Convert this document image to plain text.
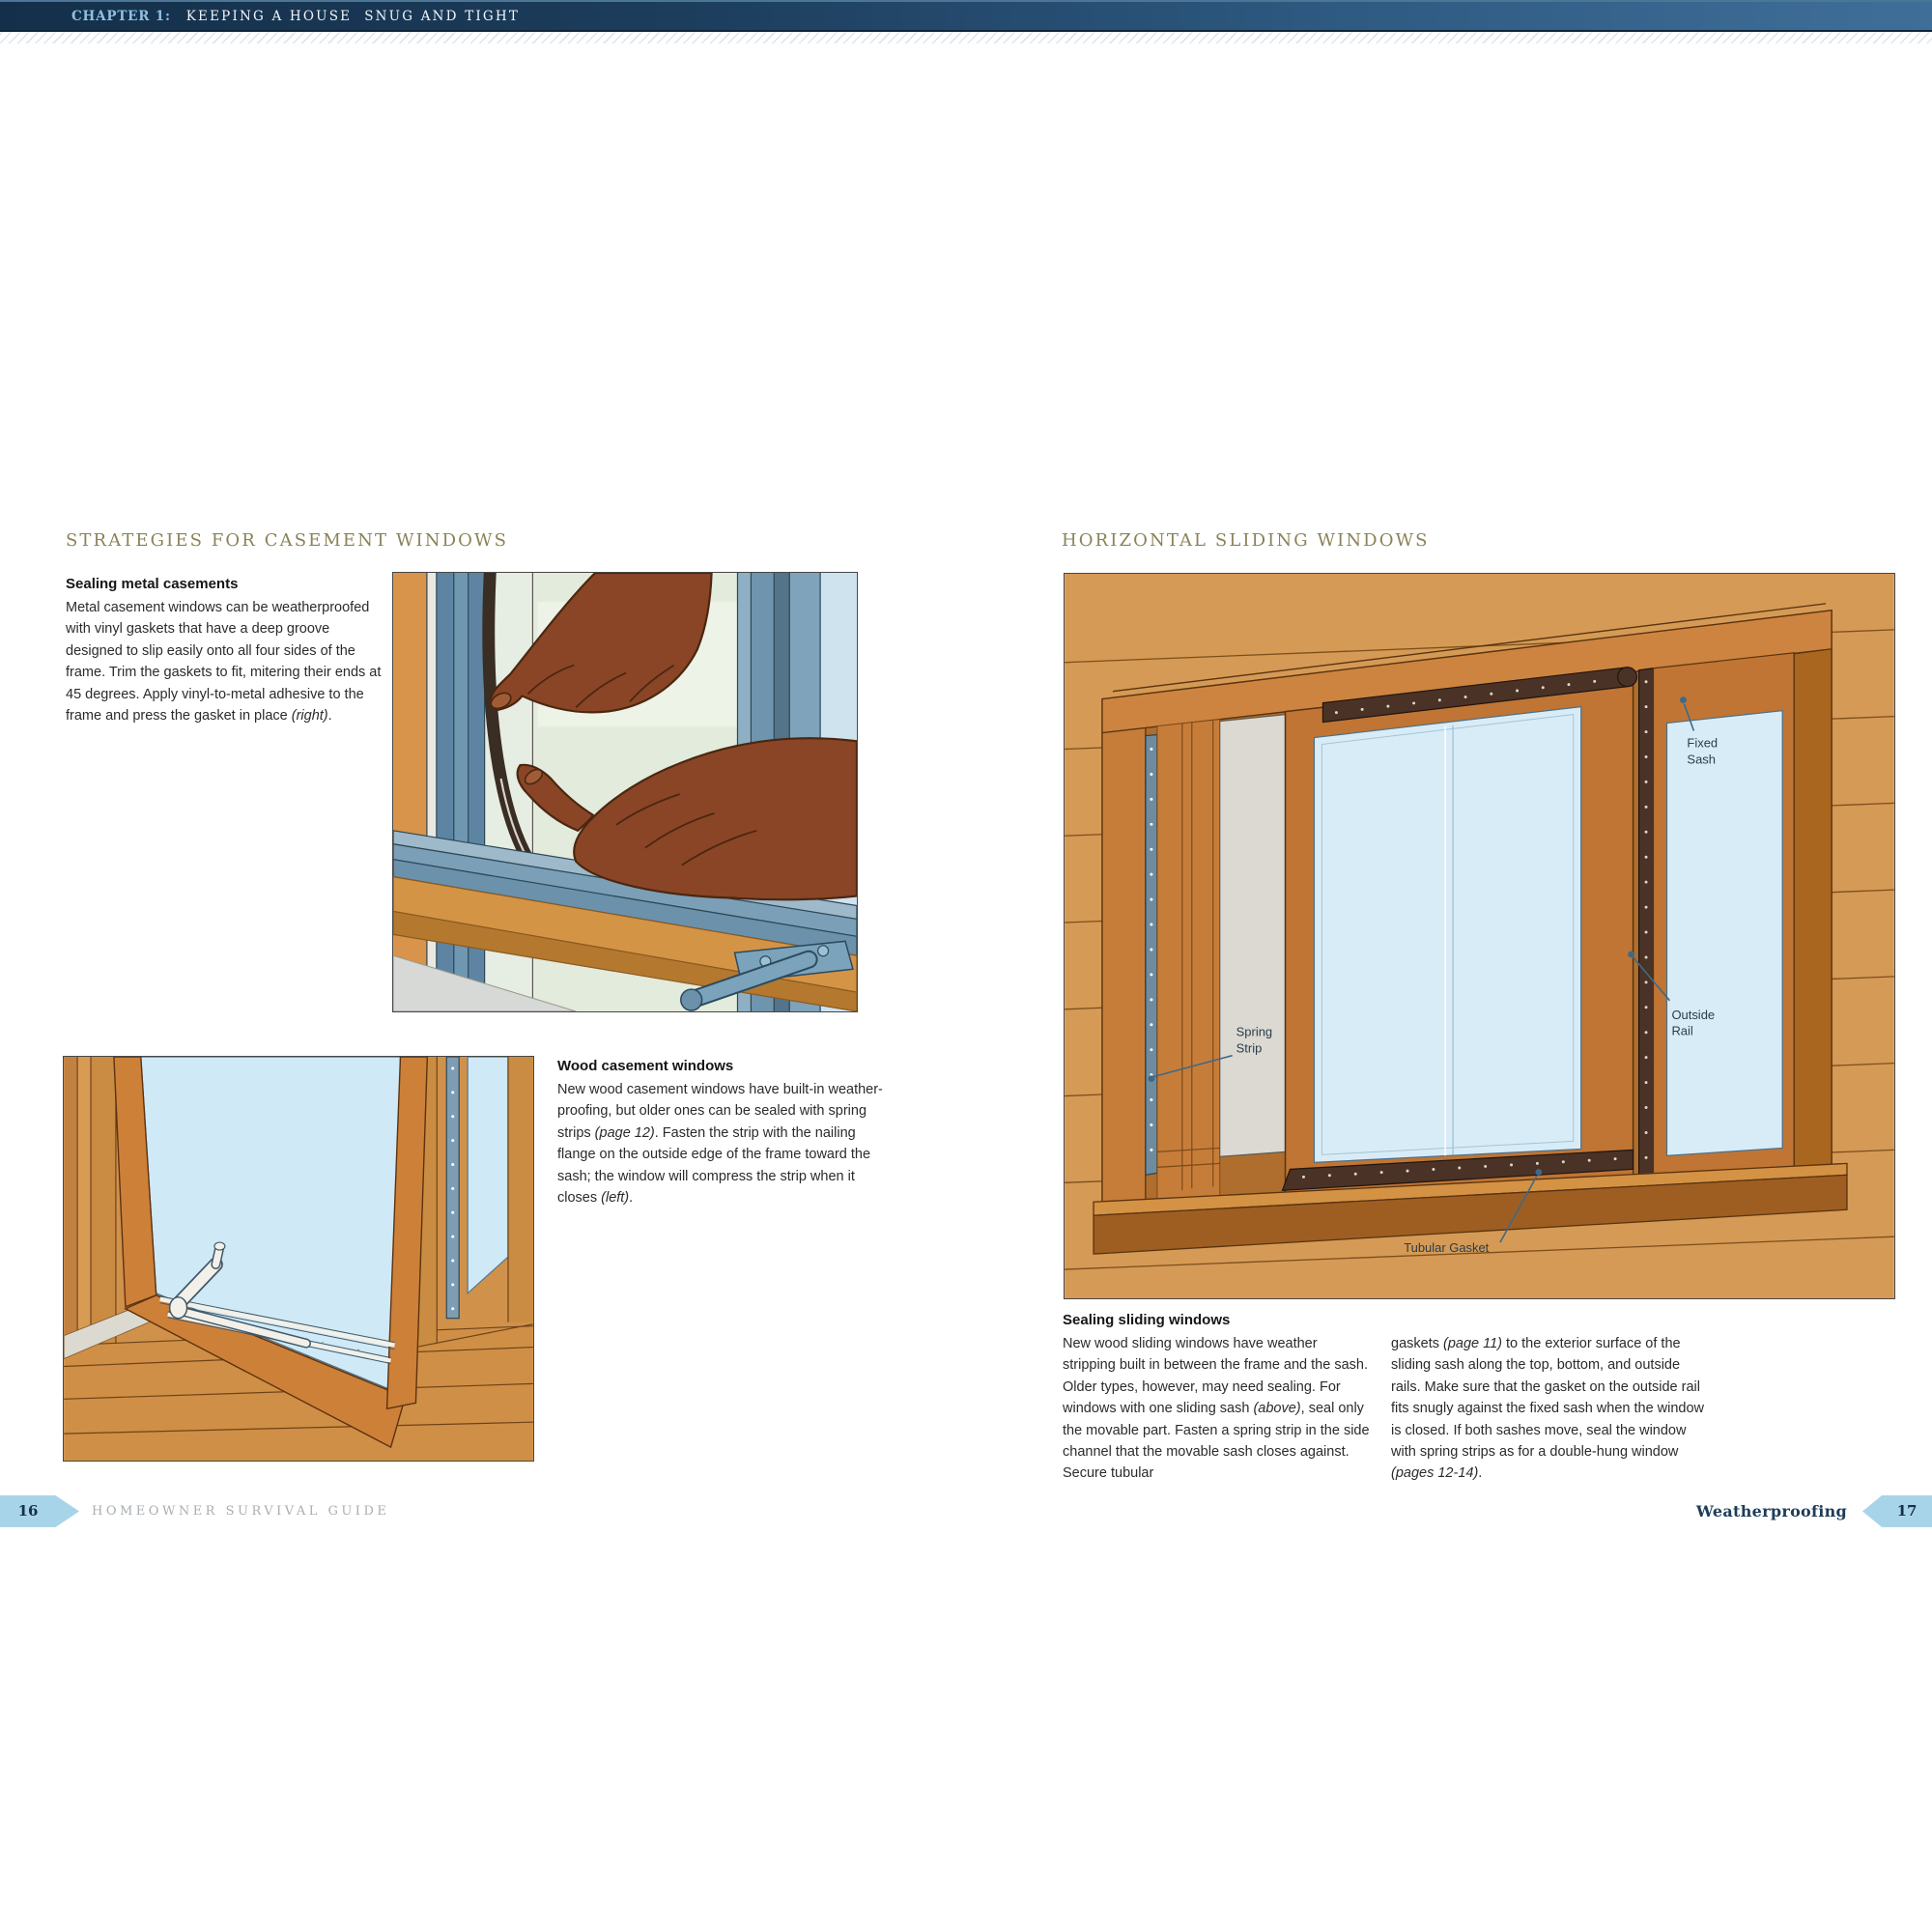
CHAPTER 1: KEEPING A HOUSE  SNUG AND TIGHT
STRATEGIES FOR CASEMENT WINDOWS

Sealing metal casements

Metal casement windows can be weatherproofed with vinyl gaskets that have a deep groove designed to slip easily onto all four sides of the frame. Trim the gaskets to fit, mitering their ends at 45 degrees. Apply vinyl-to-metal adhesive to the frame and press the gasket in place (right).

Wood casement windows

New wood casement windows have built-in weather-proofing, but older ones can be sealed with spring strips (page 12). Fasten the strip with the nailing flange on the outside edge of the frame toward the sash; the window will compress the strip when it closes (left).

HORIZONTAL SLIDING WINDOWS
Fixed Sash
Outside Rail
Spring Strip
Tubular Gasket

Sealing sliding windows

New wood sliding windows have weather stripping built in between the frame and the sash. Older types, however, may need sealing. For windows with one sliding sash (above), seal only the movable part. Fasten a spring strip in the side channel that the movable sash closes against. Secure tubular

gaskets (page 11) to the exterior surface of the sliding sash along the top, bottom, and outside rails. Make sure that the gasket on the outside rail fits snugly against the fixed sash when the window is closed. If both sashes move, seal the window with spring strips as for a double-hung window (pages 12-14).

16	HOMEOWNER SURVIVAL GUIDE	Weatherproofing	17
